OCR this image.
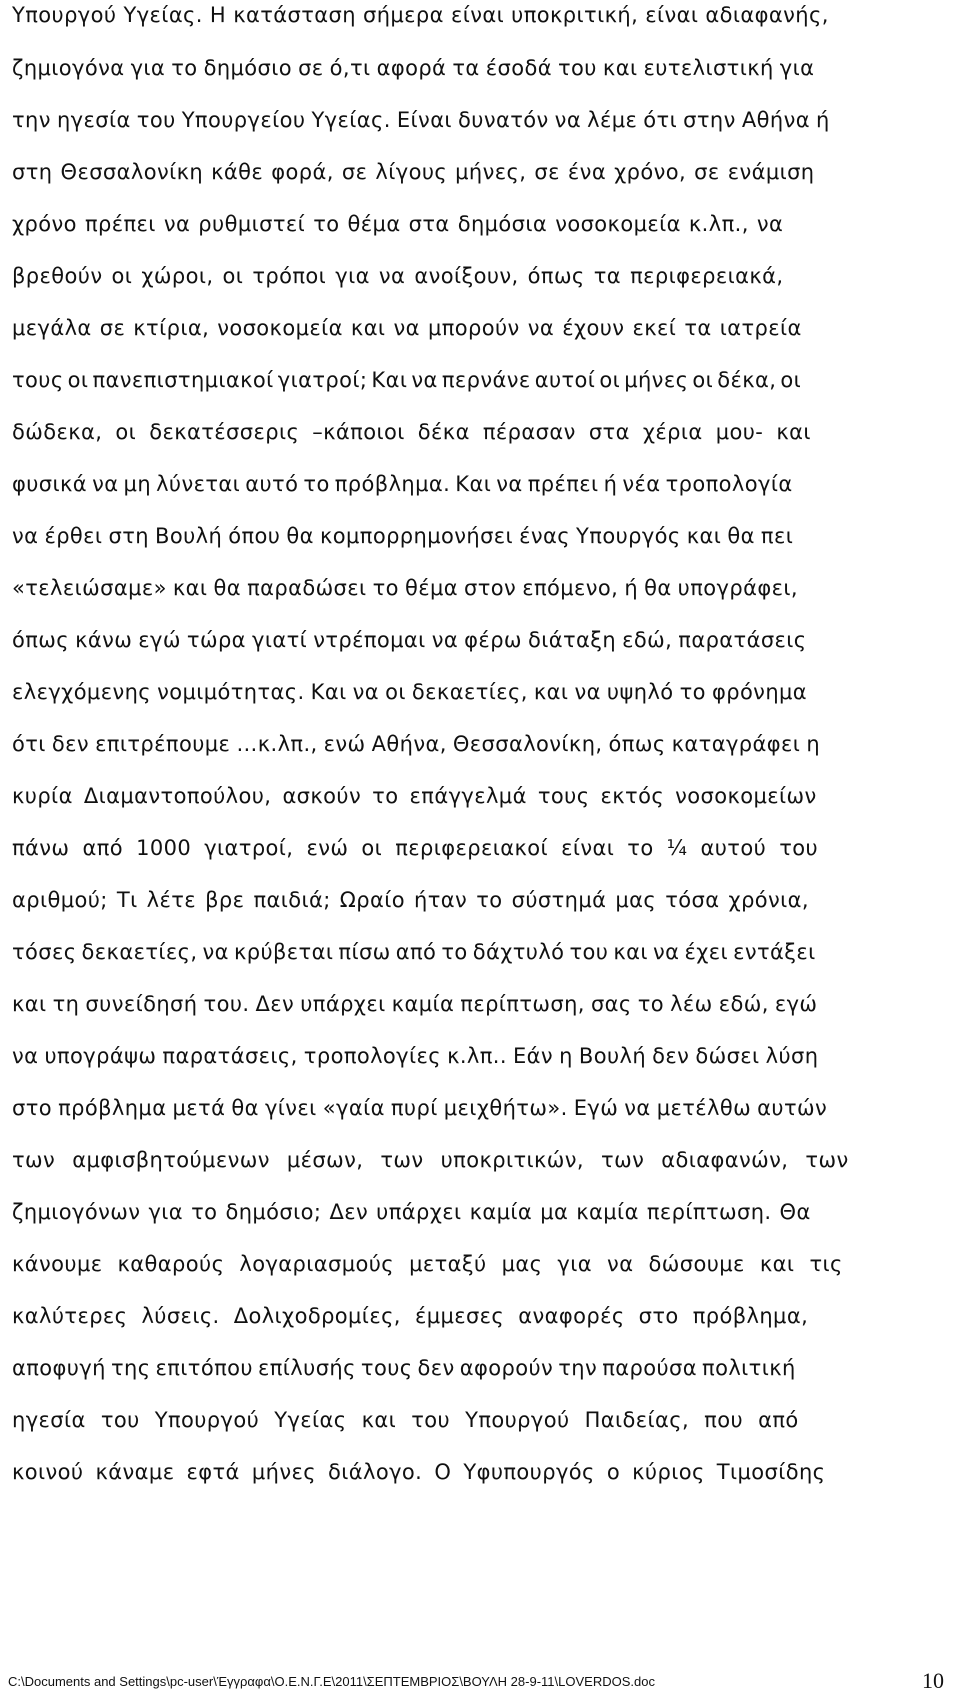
Υπουργού Υγείας. Η κατάσταση σήμερα είναι υποκριτική, είναι αδιαφανής,
ζημιογόνα για το δημόσιο σε ό,τι αφορά τα έσοδά του και ευτελιστική για
την ηγεσία του Υπουργείου Υγείας. Είναι δυνατόν να λέμε ότι στην Αθήνα ή
στη Θεσσαλονίκη κάθε φορά, σε λίγους μήνες, σε ένα χρόνο, σε ενάμιση
χρόνο πρέπει να ρυθμιστεί το θέμα στα δημόσια νοσοκομεία κ.λπ., να
βρεθούν οι χώροι, οι τρόποι για να ανοίξουν, όπως τα περιφερειακά,
μεγάλα σε κτίρια, νοσοκομεία και να μπορούν να έχουν εκεί τα ιατρεία
τους οι πανεπιστημιακοί γιατροί; Και να περνάνε αυτοί οι μήνες οι δέκα, οι
δώδεκα, οι δεκατέσσερις –κάποιοι δέκα πέρασαν στα χέρια μου- και
φυσικά να μη λύνεται αυτό το πρόβλημα. Και να πρέπει ή νέα τροπολογία
να έρθει στη Βουλή όπου θα κομπορρημονήσει ένας Υπουργός και θα πει
«τελειώσαμε» και θα παραδώσει το θέμα στον επόμενο, ή θα υπογράφει,
όπως κάνω εγώ τώρα γιατί ντρέπομαι να φέρω διάταξη εδώ, παρατάσεις
ελεγχόμενης νομιμότητας. Και να οι δεκαετίες, και να υψηλό το φρόνημα
ότι δεν επιτρέπουμε …κ.λπ., ενώ Αθήνα, Θεσσαλονίκη, όπως καταγράφει η
κυρία Διαμαντοπούλου, ασκούν το επάγγελμά τους εκτός νοσοκομείων
πάνω από 1000 γιατροί, ενώ οι περιφερειακοί είναι το ¼ αυτού του
αριθμού; Τι λέτε βρε παιδιά; Ωραίο ήταν το σύστημά μας τόσα χρόνια,
τόσες δεκαετίες, να κρύβεται πίσω από το δάχτυλό του και να έχει εντάξει
και τη συνείδησή του. Δεν υπάρχει καμία περίπτωση, σας το λέω εδώ, εγώ
να υπογράψω παρατάσεις, τροπολογίες κ.λπ.. Εάν η Βουλή δεν δώσει λύση
στο πρόβλημα μετά θα γίνει «γαία πυρί μειχθήτω». Εγώ να μετέλθω αυτών
των αμφισβητούμενων μέσων, των υποκριτικών, των αδιαφανών, των
ζημιογόνων για το δημόσιο; Δεν υπάρχει καμία μα καμία περίπτωση. Θα
κάνουμε καθαρούς λογαριασμούς μεταξύ μας για να δώσουμε και τις
καλύτερες λύσεις. Δολιχοδρομίες, έμμεσες αναφορές στο πρόβλημα,
αποφυγή της επιτόπου επίλυσής τους δεν αφορούν την παρούσα πολιτική
ηγεσία του Υπουργού Υγείας και του Υπουργού Παιδείας, που από
κοινού κάναμε εφτά μήνες διάλογο. Ο Υφυπουργός ο κύριος Τιμοσίδης
C:\Documents and Settings\pc-user\Έγγραφα\Ο.Ε.Ν.Γ.Ε\2011\ΣΕΠΤΕΜΒΡΙΟΣ\ΒΟΥΛΗ 28-9-11\LOVERDOS.doc	10
